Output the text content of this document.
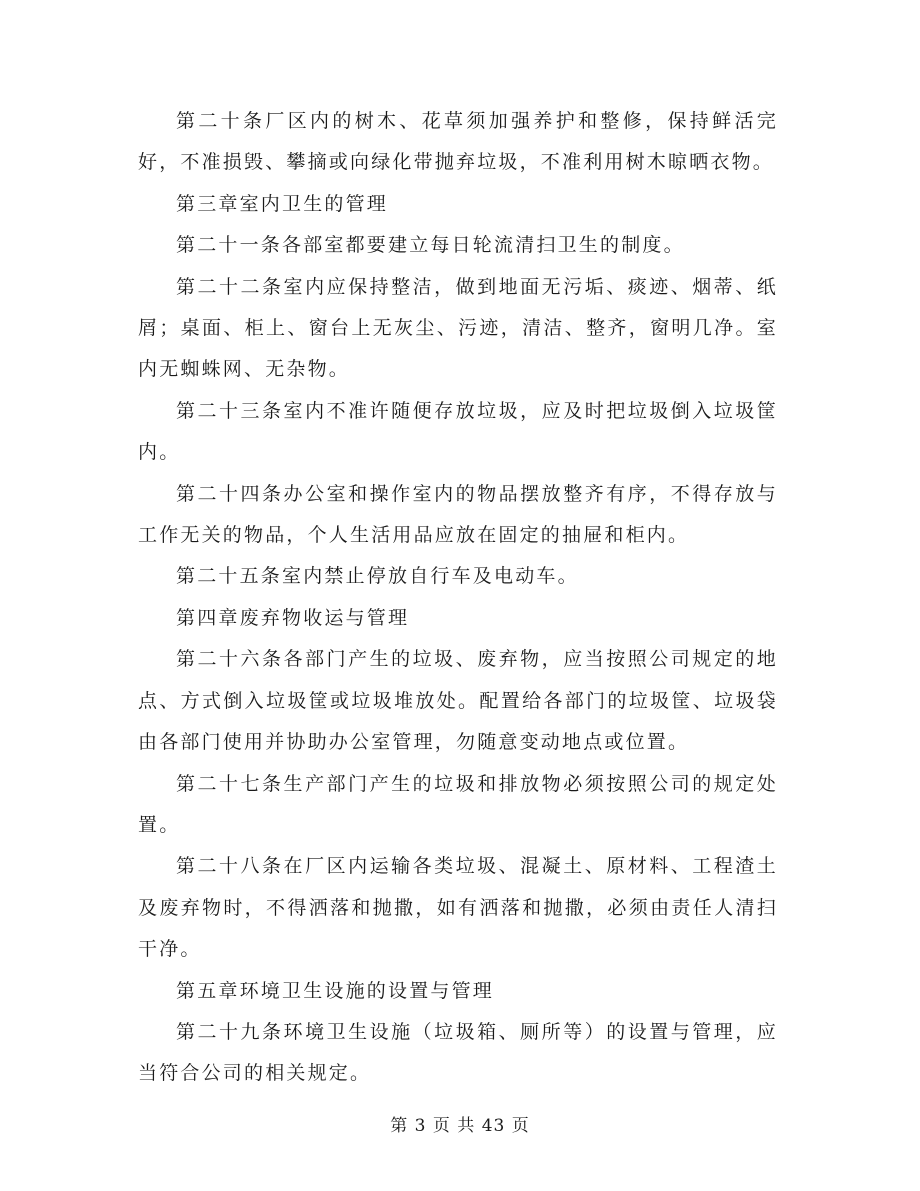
第二十条厂区内的树木、花草须加强养护和整修，保持鲜活完好，不准损毁、攀摘或向绿化带抛弃垃圾，不准利用树木晾晒衣物。

第三章室内卫生的管理

第二十一条各部室都要建立每日轮流清扫卫生的制度。

第二十二条室内应保持整洁，做到地面无污垢、痰迹、烟蒂、纸屑；桌面、柜上、窗台上无灰尘、污迹，清洁、整齐，窗明几净。室内无蜘蛛网、无杂物。

第二十三条室内不准许随便存放垃圾，应及时把垃圾倒入垃圾筐内。

第二十四条办公室和操作室内的物品摆放整齐有序，不得存放与工作无关的物品，个人生活用品应放在固定的抽屉和柜内。

第二十五条室内禁止停放自行车及电动车。

第四章废弃物收运与管理

第二十六条各部门产生的垃圾、废弃物，应当按照公司规定的地点、方式倒入垃圾筐或垃圾堆放处。配置给各部门的垃圾筐、垃圾袋由各部门使用并协助办公室管理，勿随意变动地点或位置。

第二十七条生产部门产生的垃圾和排放物必须按照公司的规定处置。

第二十八条在厂区内运输各类垃圾、混凝土、原材料、工程渣土及废弃物时，不得洒落和抛撒，如有洒落和抛撒，必须由责任人清扫干净。

第五章环境卫生设施的设置与管理

第二十九条环境卫生设施（垃圾箱、厕所等）的设置与管理，应当符合公司的相关规定。

第 3 页 共 43 页
